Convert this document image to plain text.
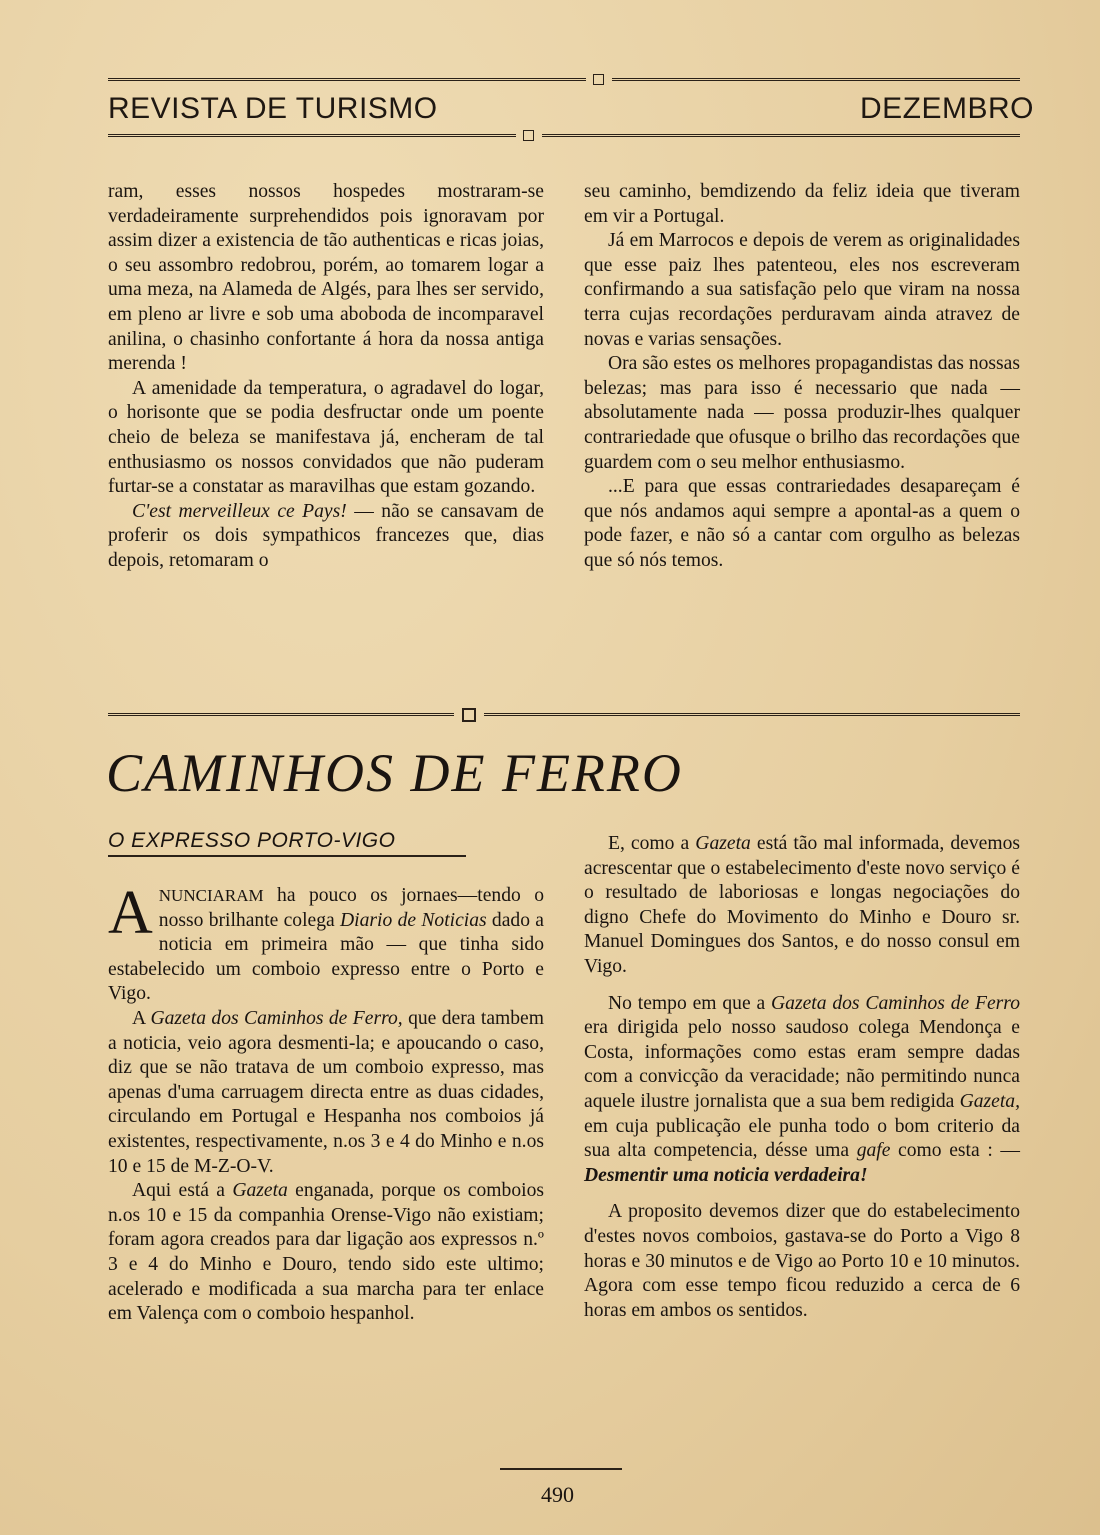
REVISTA DE TURISMO	DEZEMBRO

ram, esses nossos hospedes mostraram-se verdadeiramente surprehendidos pois ignoravam por assim dizer a existencia de tão authenticas e ricas joias, o seu assombro redobrou, porém, ao tomarem logar a uma meza, na Alameda de Algés, para lhes ser servido, em pleno ar livre e sob uma aboboda de incomparavel anilina, o chasinho confortante á hora da nossa antiga merenda !

A amenidade da temperatura, o agradavel do logar, o horisonte que se podia desfructar onde um poente cheio de beleza se manifestava já, encheram de tal enthusiasmo os nossos convidados que não puderam furtar-se a constatar as maravilhas que estam gozando.

C'est merveilleux ce Pays! — não se cansavam de proferir os dois sympathicos francezes que, dias depois, retomaram o

seu caminho, bemdizendo da feliz ideia que tiveram em vir a Portugal.

Já em Marrocos e depois de verem as originalidades que esse paiz lhes patenteou, eles nos escreveram confirmando a sua satisfação pelo que viram na nossa terra cujas recordações perduravam ainda atravez de novas e varias sensações.

Ora são estes os melhores propagandistas das nossas belezas; mas para isso é necessario que nada — absolutamente nada — possa produzir-lhes qualquer contrariedade que ofusque o brilho das recordações que guardem com o seu melhor enthusiasmo.

...E para que essas contrariedades desapareçam é que nós andamos aqui sempre a apontal-as a quem o pode fazer, e não só a cantar com orgulho as belezas que só nós temos.

CAMINHOS DE FERRO
O EXPRESSO PORTO-VIGO

ANUNCIARAM ha pouco os jornaes—tendo o nosso brilhante colega Diario de Noticias dado a noticia em primeira mão — que tinha sido estabelecido um comboio expresso entre o Porto e Vigo.

A Gazeta dos Caminhos de Ferro, que dera tambem a noticia, veio agora desmenti-la; e apoucando o caso, diz que se não tratava de um comboio expresso, mas apenas d'uma carruagem directa entre as duas cidades, circulando em Portugal e Hespanha nos comboios já existentes, respectivamente, n.os 3 e 4 do Minho e n.os 10 e 15 de M-Z-O-V.

Aqui está a Gazeta enganada, porque os comboios n.os 10 e 15 da companhia Orense-Vigo não existiam; foram agora creados para dar ligação aos expressos n.º 3 e 4 do Minho e Douro, tendo sido este ultimo; acelerado e modificada a sua marcha para ter enlace em Valença com o comboio hespanhol.

E, como a Gazeta está tão mal informada, devemos acrescentar que o estabelecimento d'este novo serviço é o resultado de laboriosas e longas negociações do digno Chefe do Movimento do Minho e Douro sr. Manuel Domingues dos Santos, e do nosso consul em Vigo.

No tempo em que a Gazeta dos Caminhos de Ferro era dirigida pelo nosso saudoso colega Mendonça e Costa, informações como estas eram sempre dadas com a convicção da veracidade; não permitindo nunca aquele ilustre jornalista que a sua bem redigida Gazeta, em cuja publicação ele punha todo o bom criterio da sua alta competencia, désse uma gafe como esta : — Desmentir uma noticia verdadeira!

A proposito devemos dizer que do estabelecimento d'estes novos comboios, gastava-se do Porto a Vigo 8 horas e 30 minutos e de Vigo ao Porto 10 e 10 minutos. Agora com esse tempo ficou reduzido a cerca de 6 horas em ambos os sentidos.

490
